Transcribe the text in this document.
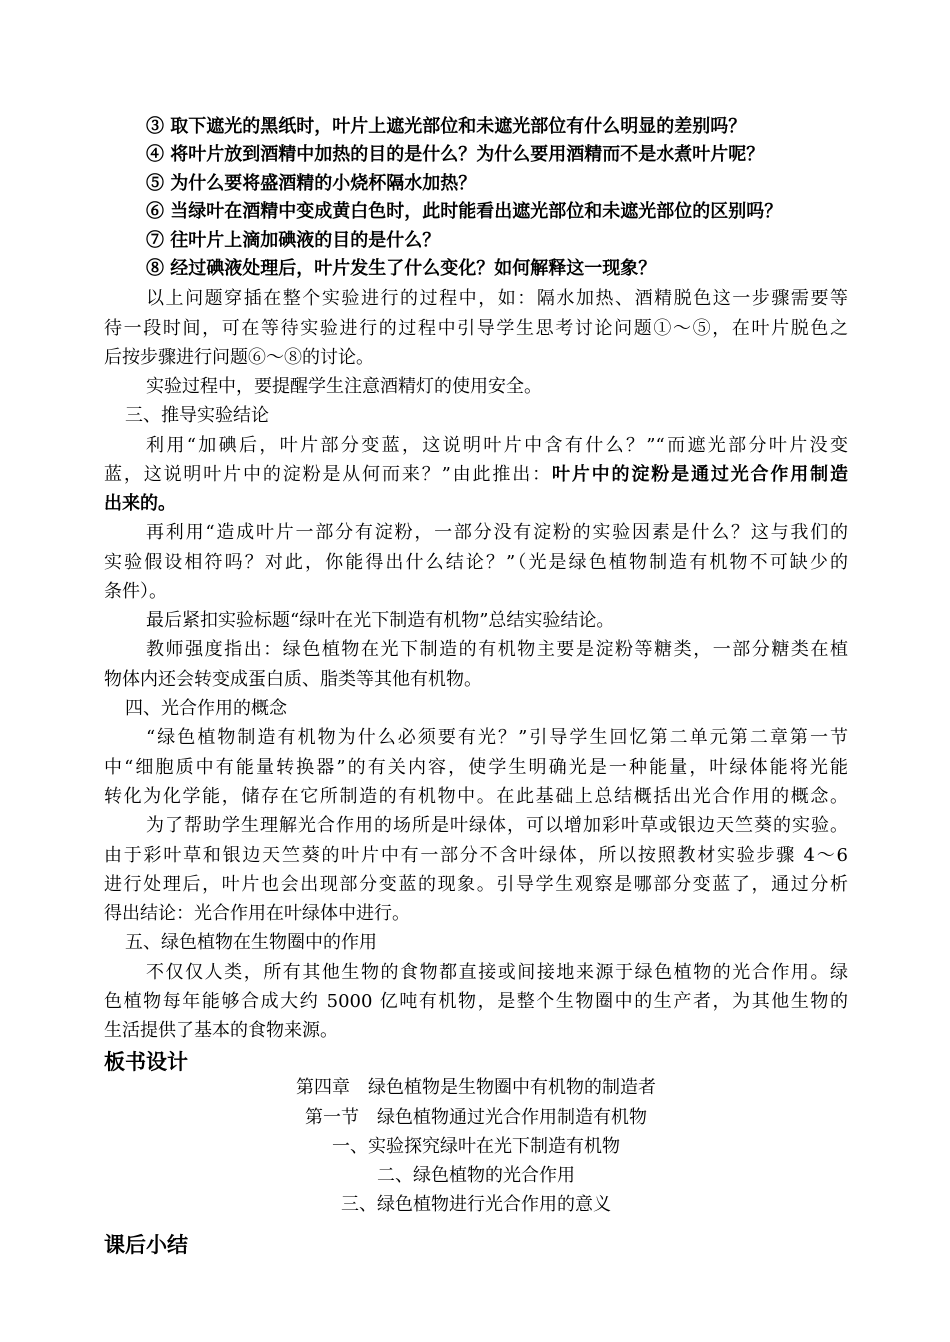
③ 取下遮光的黑纸时，叶片上遮光部位和未遮光部位有什么明显的差别吗？
④ 将叶片放到酒精中加热的目的是什么？为什么要用酒精而不是水煮叶片呢？
⑤ 为什么要将盛酒精的小烧杯隔水加热？
⑥ 当绿叶在酒精中变成黄白色时，此时能看出遮光部位和未遮光部位的区别吗？
⑦ 往叶片上滴加碘液的目的是什么？
⑧ 经过碘液处理后，叶片发生了什么变化？如何解释这一现象？
以上问题穿插在整个实验进行的过程中，如：隔水加热、酒精脱色这一步骤需要等
待一段时间，可在等待实验进行的过程中引导学生思考讨论问题①～⑤，在叶片脱色之
后按步骤进行问题⑥～⑧的讨论。
实验过程中，要提醒学生注意酒精灯的使用安全。
三、推导实验结论
利用“加碘后，叶片部分变蓝，这说明叶片中含有什么？”“而遮光部分叶片没变
蓝，这说明叶片中的淀粉是从何而来？”由此推出：叶片中的淀粉是通过光合作用制造
出来的。
再利用“造成叶片一部分有淀粉，一部分没有淀粉的实验因素是什么？这与我们的
实验假设相符吗？对此，你能得出什么结论？”（光是绿色植物制造有机物不可缺少的
条件）。
最后紧扣实验标题“绿叶在光下制造有机物”总结实验结论。
教师强度指出：绿色植物在光下制造的有机物主要是淀粉等糖类，一部分糖类在植
物体内还会转变成蛋白质、脂类等其他有机物。
四、光合作用的概念
“绿色植物制造有机物为什么必须要有光？”引导学生回忆第二单元第二章第一节
中“细胞质中有能量转换器”的有关内容，使学生明确光是一种能量，叶绿体能将光能
转化为化学能，储存在它所制造的有机物中。在此基础上总结概括出光合作用的概念。
为了帮助学生理解光合作用的场所是叶绿体，可以增加彩叶草或银边天竺葵的实验。
由于彩叶草和银边天竺葵的叶片中有一部分不含叶绿体，所以按照教材实验步骤 4～6
进行处理后，叶片也会出现部分变蓝的现象。引导学生观察是哪部分变蓝了，通过分析
得出结论：光合作用在叶绿体中进行。
五、绿色植物在生物圈中的作用
不仅仅人类，所有其他生物的食物都直接或间接地来源于绿色植物的光合作用。绿
色植物每年能够合成大约 5000 亿吨有机物，是整个生物圈中的生产者，为其他生物的
生活提供了基本的食物来源。
板书设计
第四章　绿色植物是生物圈中有机物的制造者
第一节　绿色植物通过光合作用制造有机物
一、实验探究绿叶在光下制造有机物
二、绿色植物的光合作用
三、绿色植物进行光合作用的意义
课后小结
